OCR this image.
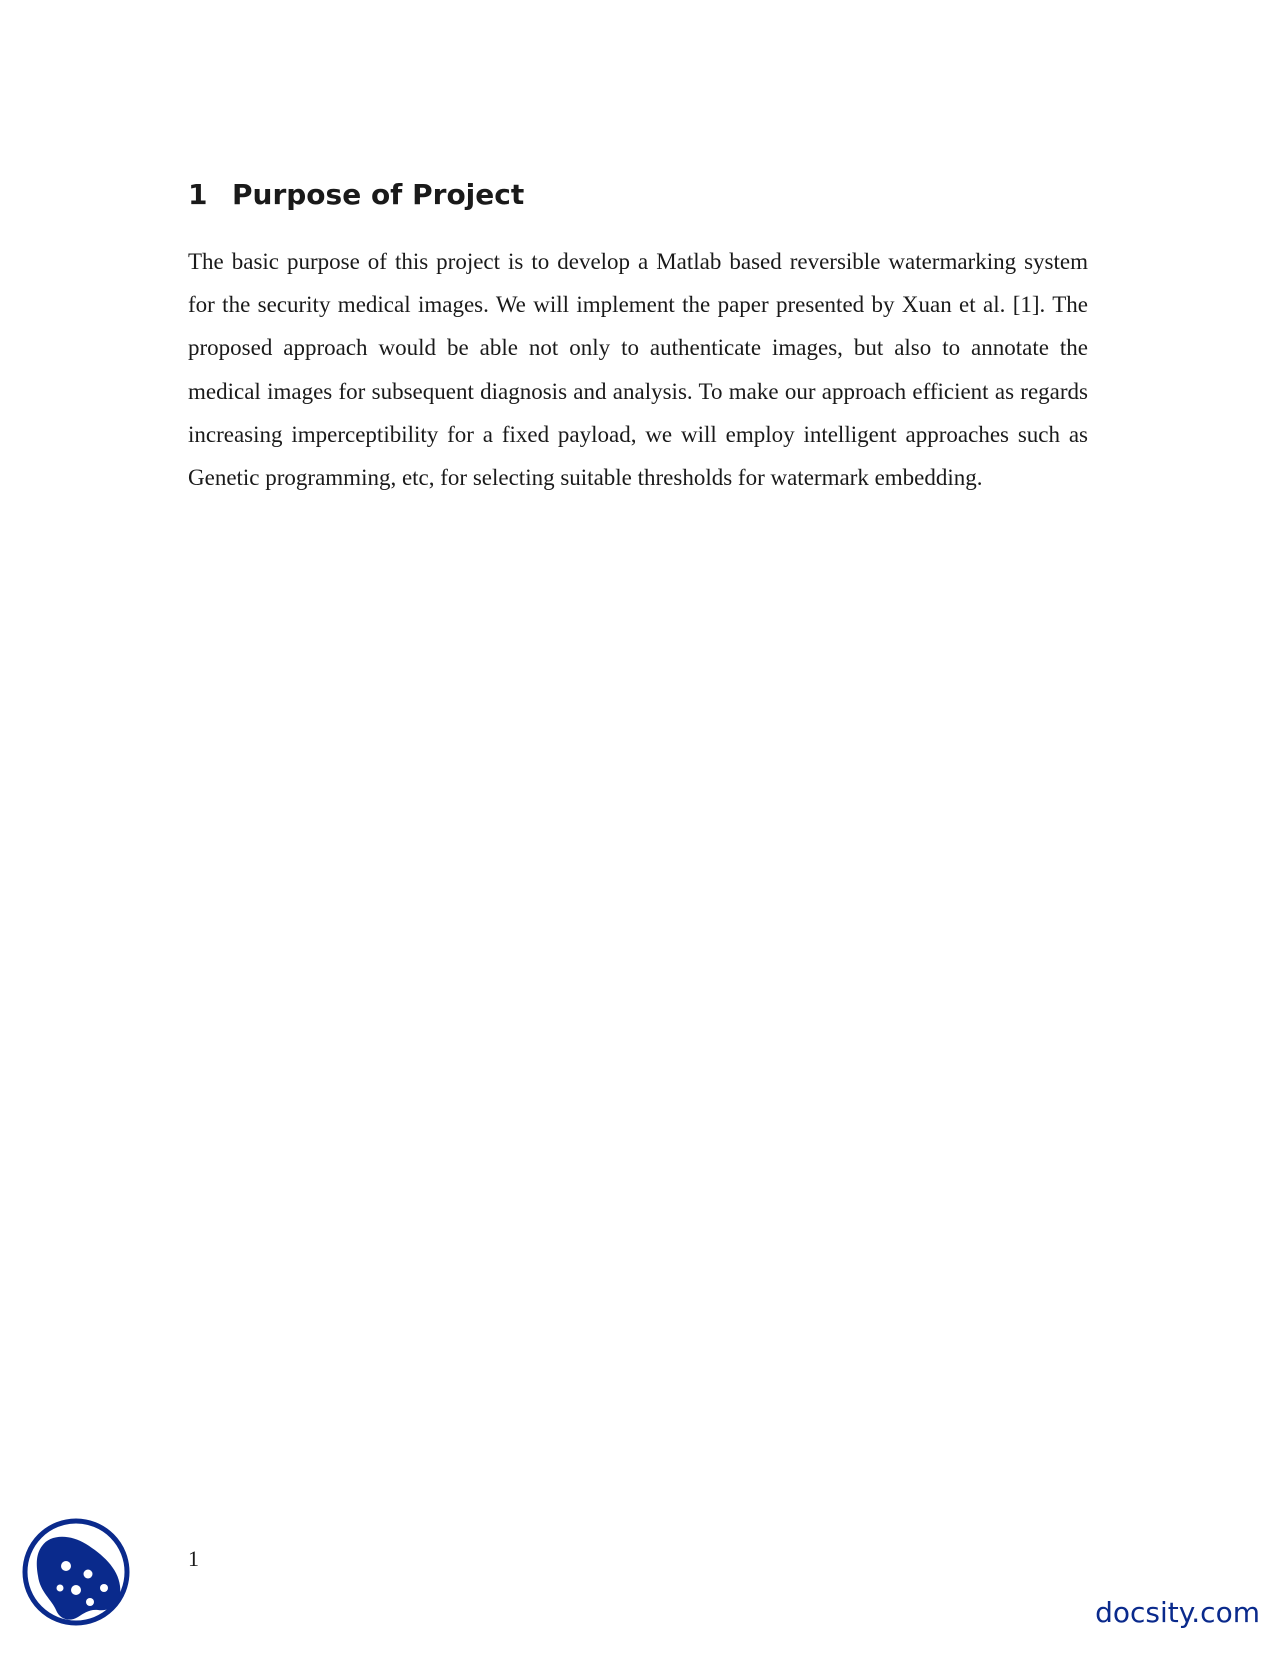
1 Purpose of Project

The basic purpose of this project is to develop a Matlab based reversible watermarking system for the security medical images. We will implement the paper presented by Xuan et al. [1]. The proposed approach would be able not only to authenticate images, but also to annotate the medical images for subsequent diagnosis and analysis. To make our approach efficient as regards increasing imperceptibility for a fixed payload, we will employ intelligent approaches such as Genetic programming, etc, for selecting suitable thresholds for watermark embedding.

1
docsity.com
